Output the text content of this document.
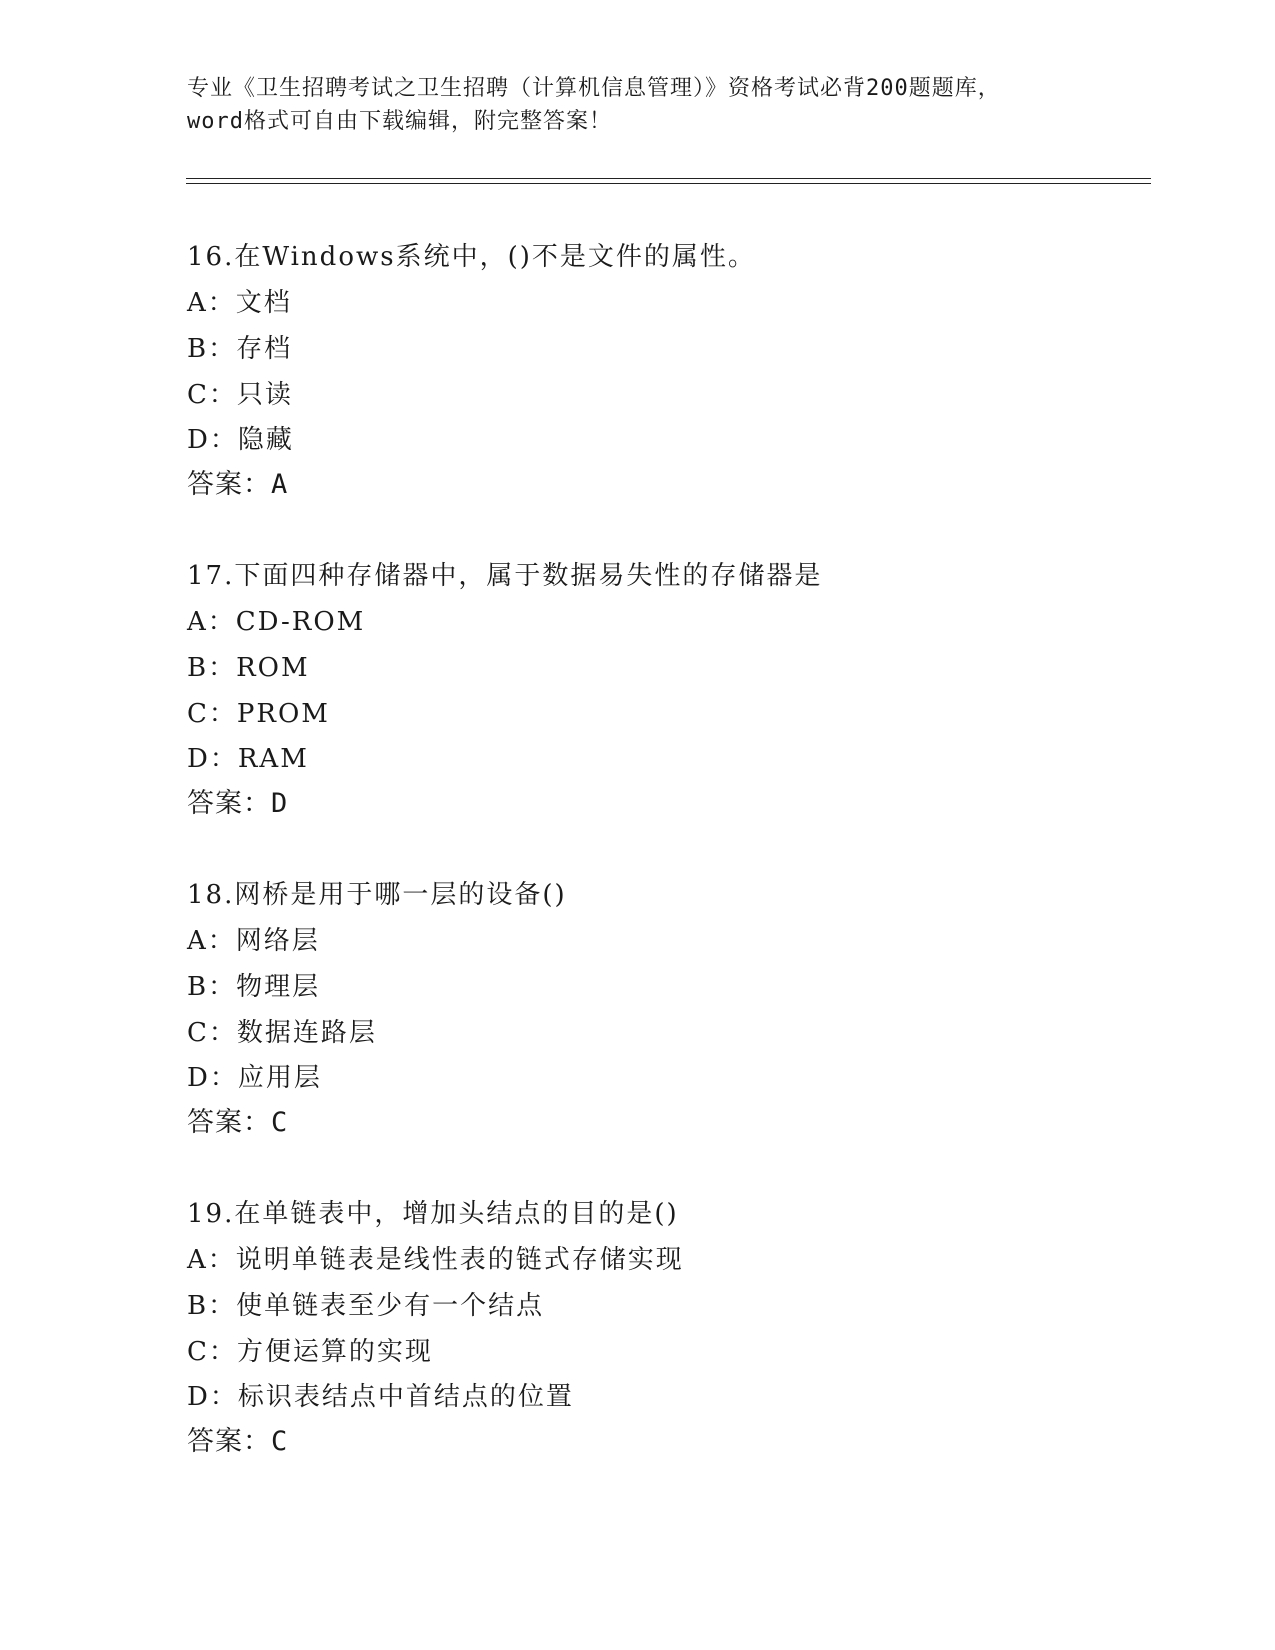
专业《卫生招聘考试之卫生招聘（计算机信息管理）》资格考试必背200题题库，
word格式可自由下载编辑，附完整答案！
16.在Windows系统中，()不是文件的属性。
A：文档
B：存档
C：只读
D：隐藏
答案：A
17.下面四种存储器中，属于数据易失性的存储器是
A：CD-ROM
B：ROM
C：PROM
D：RAM
答案：D
18.网桥是用于哪一层的设备()
A：网络层
B：物理层
C：数据连路层
D：应用层
答案：C
19.在单链表中，增加头结点的目的是()
A：说明单链表是线性表的链式存储实现
B：使单链表至少有一个结点
C：方便运算的实现
D：标识表结点中首结点的位置
答案：C
